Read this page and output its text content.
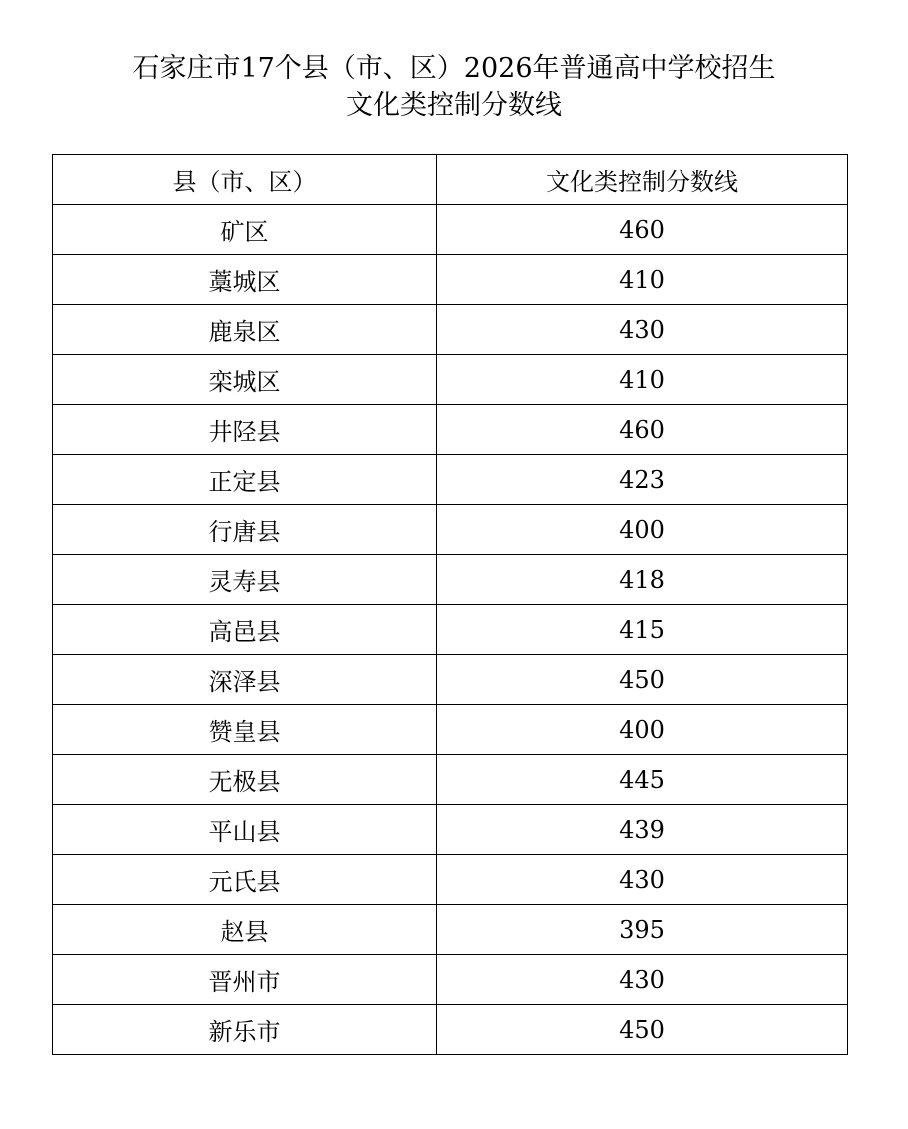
石家庄市17个县（市、区）2026年普通高中学校招生
文化类控制分数线
县（市、区）	文化类控制分数线
矿区	460
藁城区	410
鹿泉区	430
栾城区	410
井陉县	460
正定县	423
行唐县	400
灵寿县	418
高邑县	415
深泽县	450
赞皇县	400
无极县	445
平山县	439
元氏县	430
赵县	395
晋州市	430
新乐市	450
